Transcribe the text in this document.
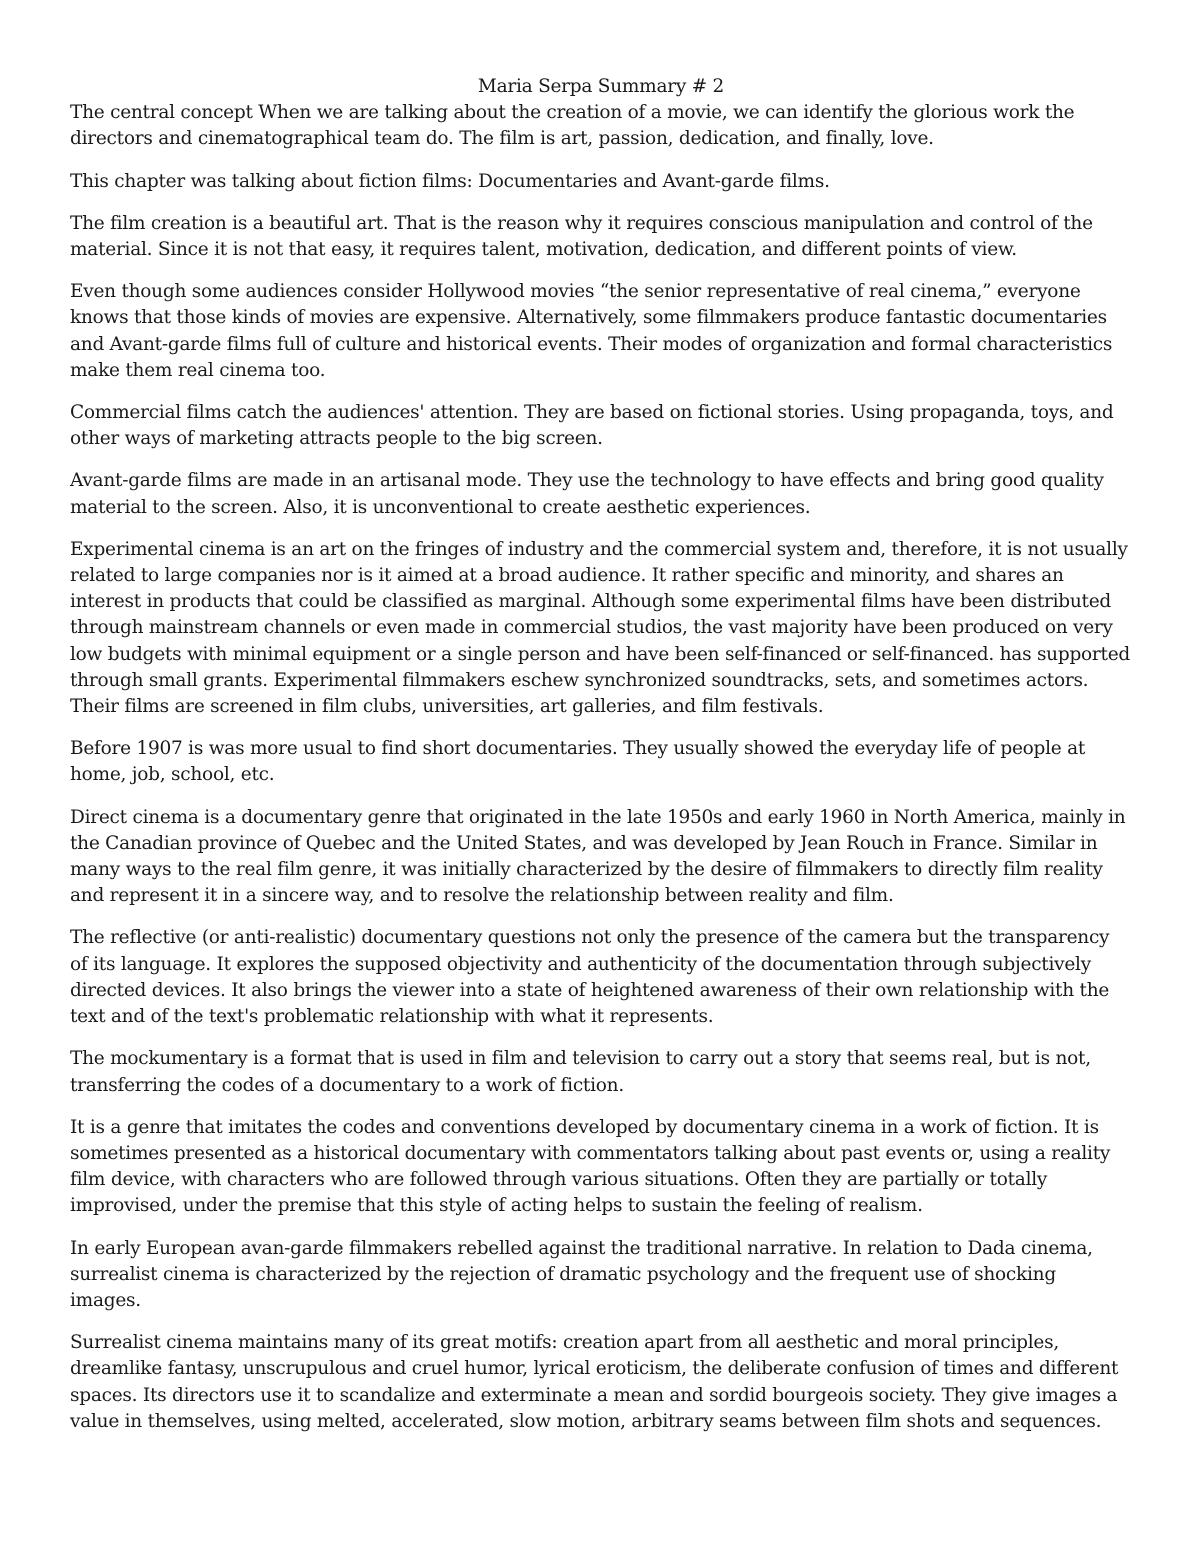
Maria Serpa Summary # 2

The central concept When we are talking about the creation of a movie, we can identify the glorious work the directors and cinematographical team do. The film is art, passion, dedication, and finally, love.

This chapter was talking about fiction films: Documentaries and Avant-garde films.

The film creation is a beautiful art. That is the reason why it requires conscious manipulation and control of the material. Since it is not that easy, it requires talent, motivation, dedication, and different points of view.

Even though some audiences consider Hollywood movies “the senior representative of real cinema,” everyone knows that those kinds of movies are expensive. Alternatively, some filmmakers produce fantastic documentaries and Avant-garde films full of culture and historical events. Their modes of organization and formal characteristics make them real cinema too.

Commercial films catch the audiences' attention. They are based on fictional stories. Using propaganda, toys, and other ways of marketing attracts people to the big screen.

Avant-garde films are made in an artisanal mode. They use the technology to have effects and bring good quality material to the screen. Also, it is unconventional to create aesthetic experiences.

Experimental cinema is an art on the fringes of industry and the commercial system and, therefore, it is not usually related to large companies nor is it aimed at a broad audience. It rather specific and minority, and shares an interest in products that could be classified as marginal. Although some experimental films have been distributed through mainstream channels or even made in commercial studios, the vast majority have been produced on very low budgets with minimal equipment or a single person and have been self-financed or self-financed. has supported through small grants. Experimental filmmakers eschew synchronized soundtracks, sets, and sometimes actors. Their films are screened in film clubs, universities, art galleries, and film festivals.

Before 1907 is was more usual to find short documentaries. They usually showed the everyday life of people at home, job, school, etc.

Direct cinema is a documentary genre that originated in the late 1950s and early 1960 in North America, mainly in the Canadian province of Quebec and the United States, and was developed by Jean Rouch in France. Similar in many ways to the real film genre, it was initially characterized by the desire of filmmakers to directly film reality and represent it in a sincere way, and to resolve the relationship between reality and film.

The reflective (or anti-realistic) documentary questions not only the presence of the camera but the transparency of its language. It explores the supposed objectivity and authenticity of the documentation through subjectively directed devices. It also brings the viewer into a state of heightened awareness of their own relationship with the text and of the text's problematic relationship with what it represents.

The mockumentary is a format that is used in film and television to carry out a story that seems real, but is not, transferring the codes of a documentary to a work of fiction.

It is a genre that imitates the codes and conventions developed by documentary cinema in a work of fiction. It is sometimes presented as a historical documentary with commentators talking about past events or, using a reality film device, with characters who are followed through various situations. Often they are partially or totally improvised, under the premise that this style of acting helps to sustain the feeling of realism.

In early European avan-garde filmmakers rebelled against the traditional narrative. In relation to Dada cinema, surrealist cinema is characterized by the rejection of dramatic psychology and the frequent use of shocking images.

Surrealist cinema maintains many of its great motifs: creation apart from all aesthetic and moral principles, dreamlike fantasy, unscrupulous and cruel humor, lyrical eroticism, the deliberate confusion of times and different spaces. Its directors use it to scandalize and exterminate a mean and sordid bourgeois society. They give images a value in themselves, using melted, accelerated, slow motion, arbitrary seams between film shots and sequences.
